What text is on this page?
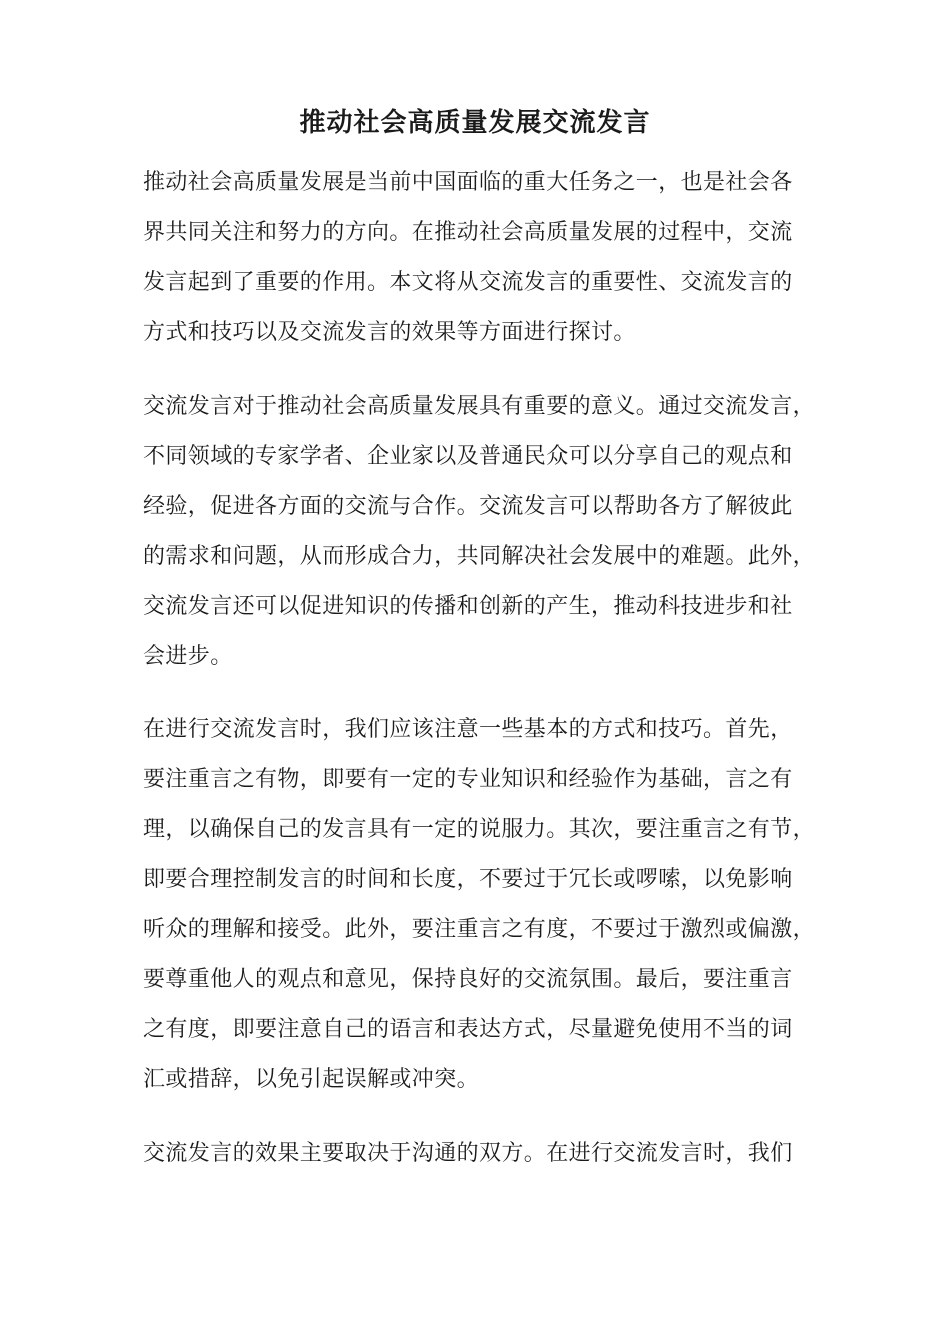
推动社会高质量发展交流发言
推动社会高质量发展是当前中国面临的重大任务之一，也是社会各
界共同关注和努力的方向。在推动社会高质量发展的过程中，交流
发言起到了重要的作用。本文将从交流发言的重要性、交流发言的
方式和技巧以及交流发言的效果等方面进行探讨。
交流发言对于推动社会高质量发展具有重要的意义。通过交流发言，
不同领域的专家学者、企业家以及普通民众可以分享自己的观点和
经验，促进各方面的交流与合作。交流发言可以帮助各方了解彼此
的需求和问题，从而形成合力，共同解决社会发展中的难题。此外，
交流发言还可以促进知识的传播和创新的产生，推动科技进步和社
会进步。
在进行交流发言时，我们应该注意一些基本的方式和技巧。首先，
要注重言之有物，即要有一定的专业知识和经验作为基础，言之有
理，以确保自己的发言具有一定的说服力。其次，要注重言之有节，
即要合理控制发言的时间和长度，不要过于冗长或啰嗦，以免影响
听众的理解和接受。此外，要注重言之有度，不要过于激烈或偏激，
要尊重他人的观点和意见，保持良好的交流氛围。最后，要注重言
之有度，即要注意自己的语言和表达方式，尽量避免使用不当的词
汇或措辞，以免引起误解或冲突。
交流发言的效果主要取决于沟通的双方。在进行交流发言时，我们
